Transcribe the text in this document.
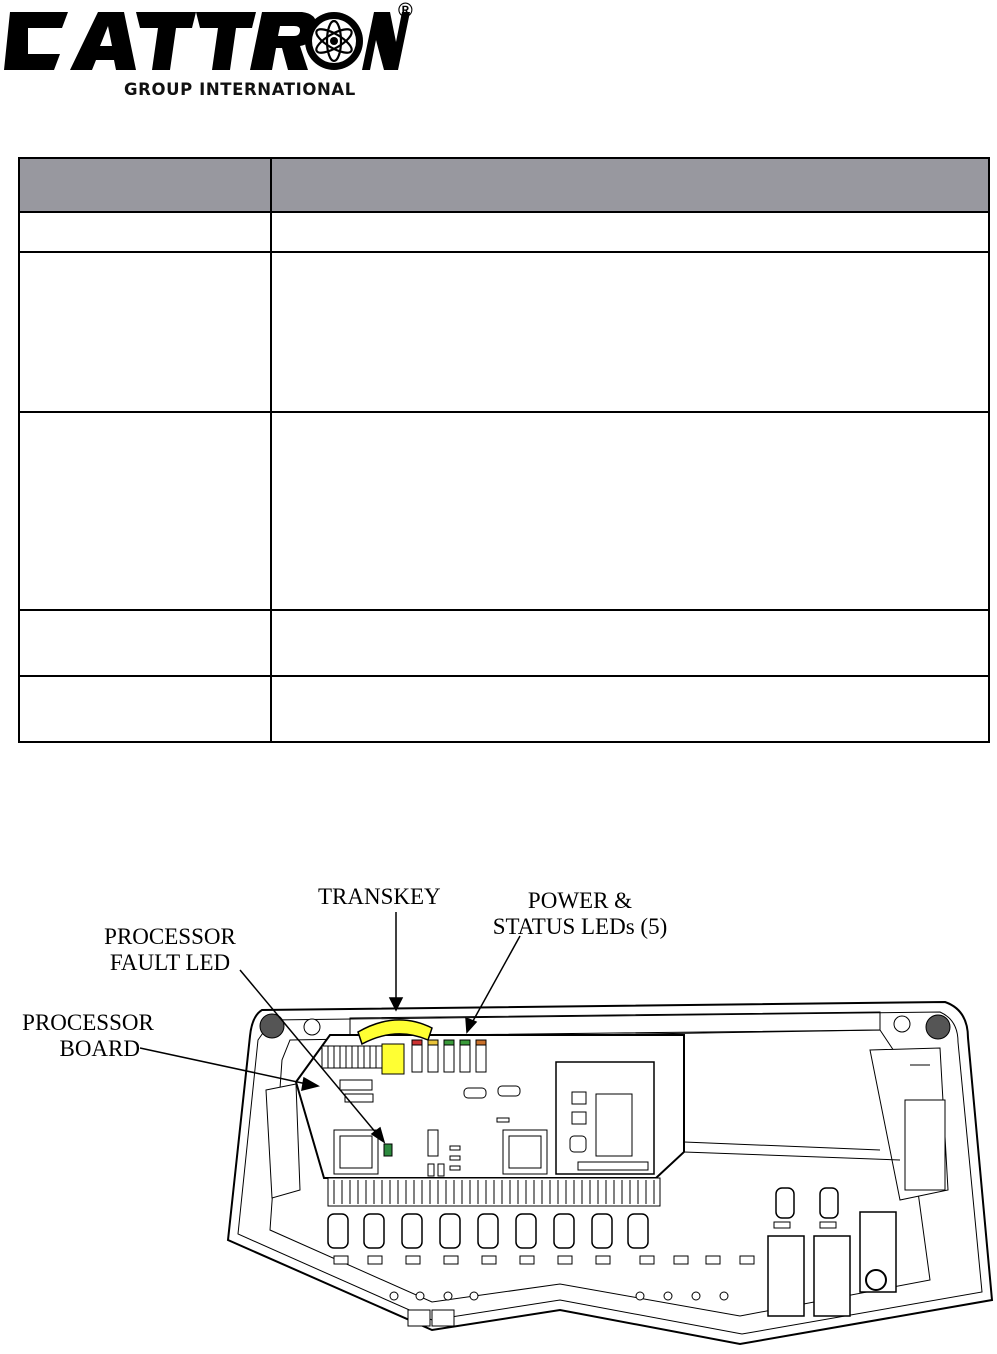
®
GROUP INTERNATIONAL

TRANSKEY	POWER &
STATUS LEDs (5)
PROCESSOR
FAULT LED
PROCESSOR
BOARD
